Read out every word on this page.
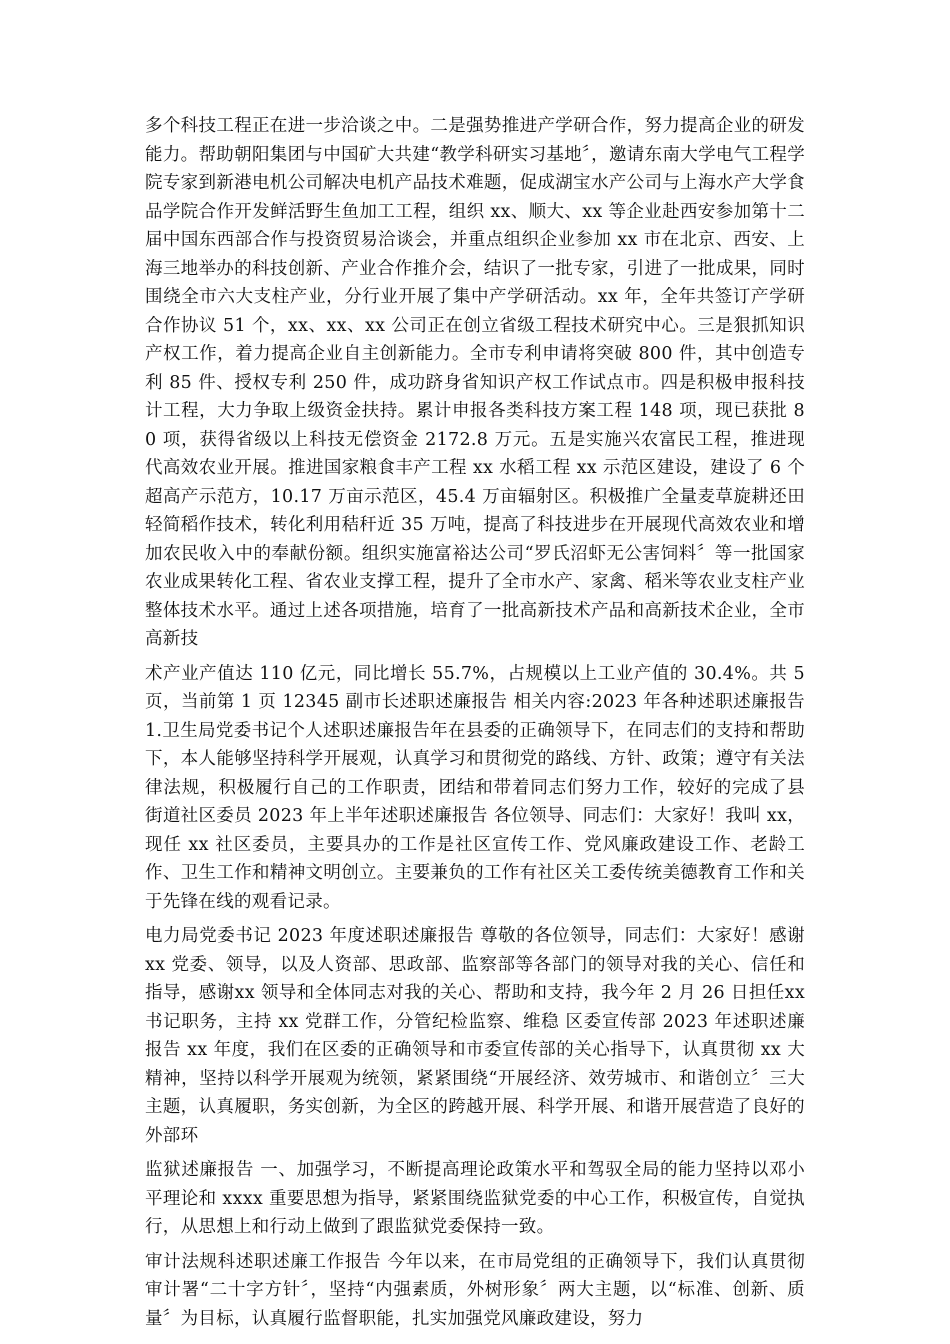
多个科技工程正在进一步洽谈之中。二是强势推进产学研合作，努力提高企业的研发能力。帮助朝阳集团与中国矿大共建“教学科研实习基地〞，邀请东南大学电气工程学院专家到新港电机公司解决电机产品技术难题，促成湖宝水产公司与上海水产大学食品学院合作开发鲜活野生鱼加工工程，组织 xx、顺大、xx 等企业赴西安参加第十二届中国东西部合作与投资贸易洽谈会，并重点组织企业参加 xx 市在北京、西安、上海三地举办的科技创新、产业合作推介会，结识了一批专家，引进了一批成果，同时围绕全市六大支柱产业，分行业开展了集中产学研活动。xx 年，全年共签订产学研合作协议 51 个，xx、xx、xx 公司正在创立省级工程技术研究中心。三是狠抓知识产权工作，着力提高企业自主创新能力。全市专利申请将突破 800 件，其中创造专利 85 件、授权专利 250 件，成功跻身省知识产权工作试点市。四是积极申报科技计工程，大力争取上级资金扶持。累计申报各类科技方案工程 148 项，现已获批 80 项，获得省级以上科技无偿资金 2172.8 万元。五是实施兴农富民工程，推进现代高效农业开展。推进国家粮食丰产工程 xx 水稻工程 xx 示范区建设，建设了 6 个超高产示范方，10.17 万亩示范区，45.4 万亩辐射区。积极推广全量麦草旋耕还田轻简稻作技术，转化利用秸秆近 35 万吨，提高了科技进步在开展现代高效农业和增加农民收入中的奉献份额。组织实施富裕达公司“罗氏沼虾无公害饲料〞等一批国家农业成果转化工程、省农业支撑工程，提升了全市水产、家禽、稻米等农业支柱产业整体技术水平。通过上述各项措施，培育了一批高新技术产品和高新技术企业，全市高新技

术产业产值达 110 亿元，同比增长 55.7%，占规模以上工业产值的 30.4%。共 5 页，当前第 1 页 12345 副市长述职述廉报告 相关内容:2023 年各种述职述廉报告 1.卫生局党委书记个人述职述廉报告年在县委的正确领导下，在同志们的支持和帮助下，本人能够坚持科学开展观，认真学习和贯彻党的路线、方针、政策；遵守有关法律法规，积极履行自己的工作职责，团结和带着同志们努力工作，较好的完成了县 街道社区委员 2023 年上半年述职述廉报告 各位领导、同志们：大家好！我叫 xx，现任 xx 社区委员，主要具办的工作是社区宣传工作、党风廉政建设工作、老龄工作、卫生工作和精神文明创立。主要兼负的工作有社区关工委传统美德教育工作和关于先锋在线的观看记录。

电力局党委书记 2023 年度述职述廉报告 尊敬的各位领导，同志们：大家好！感谢 xx 党委、领导，以及人资部、思政部、监察部等各部门的领导对我的关心、信任和指导，感谢xx 领导和全体同志对我的关心、帮助和支持，我今年 2 月 26 日担任xx 书记职务，主持 xx 党群工作，分管纪检监察、维稳 区委宣传部 2023 年述职述廉报告 xx 年度，我们在区委的正确领导和市委宣传部的关心指导下，认真贯彻 xx 大精神，坚持以科学开展观为统领，紧紧围绕“开展经济、效劳城市、和谐创立〞三大主题，认真履职，务实创新，为全区的跨越开展、科学开展、和谐开展营造了良好的外部环

监狱述廉报告 一、加强学习，不断提高理论政策水平和驾驭全局的能力坚持以邓小平理论和 xxxx 重要思想为指导，紧紧围绕监狱党委的中心工作，积极宣传，自觉执行，从思想上和行动上做到了跟监狱党委保持一致。

审计法规科述职述廉工作报告 今年以来，在市局党组的正确领导下，我们认真贯彻审计署“二十字方针〞，坚持“内强素质，外树形象〞两大主题，以“标准、创新、质量〞为目标，认真履行监督职能，扎实加强党风廉政建设，努力
